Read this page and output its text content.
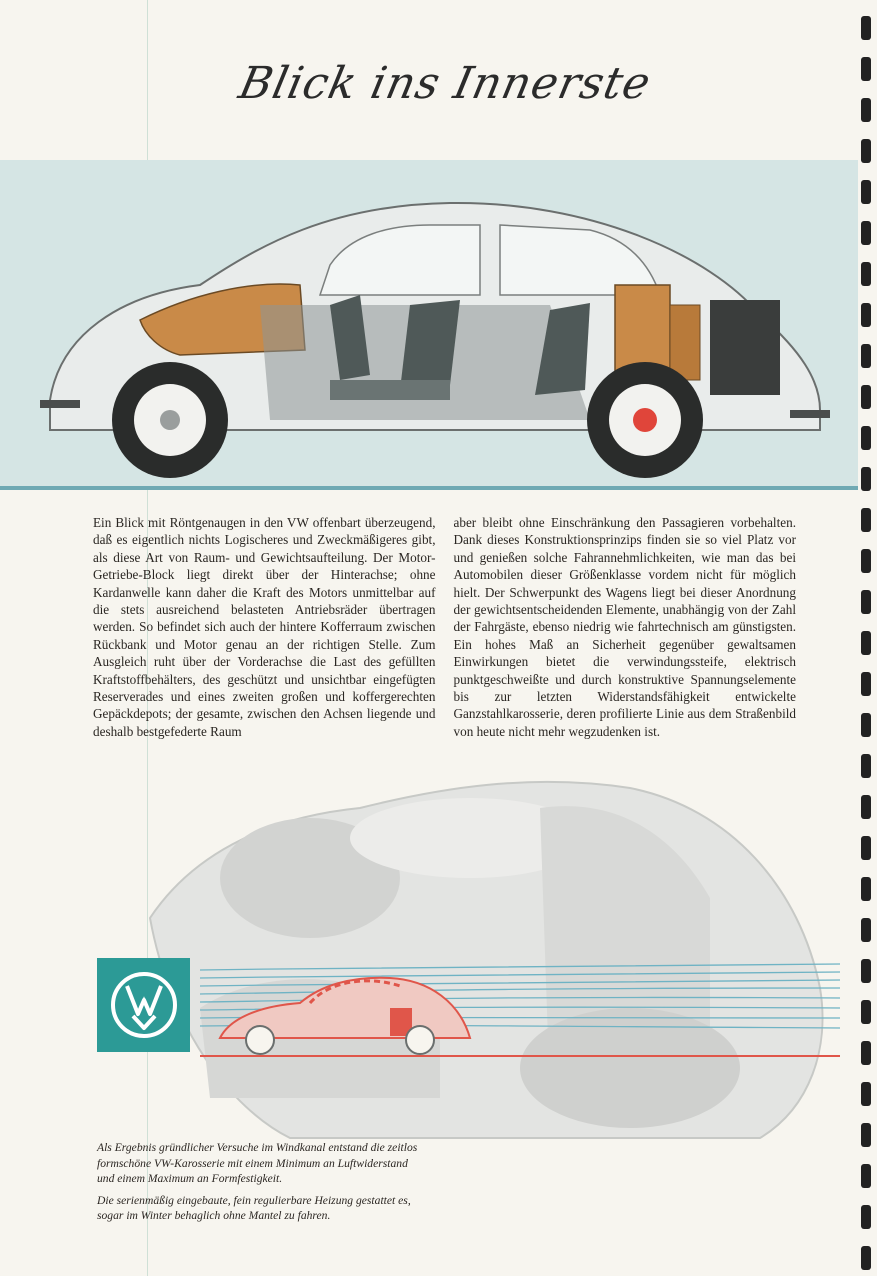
Blick ins Innerste
Ein Blick mit Röntgenaugen in den VW offenbart überzeugend, daß es eigentlich nichts Logischeres und Zweckmäßigeres gibt, als diese Art von Raum- und Gewichtsaufteilung. Der Motor-Getriebe-Block liegt direkt über der Hinterachse; ohne Kardanwelle kann daher die Kraft des Motors unmittelbar auf die stets ausreichend belasteten Antriebsräder übertragen werden. So befindet sich auch der hintere Kofferraum zwischen Rückbank und Motor genau an der richtigen Stelle. Zum Ausgleich ruht über der Vorderachse die Last des gefüllten Kraftstoffbehälters, des geschützt und unsichtbar eingefügten Reserverades und eines zweiten großen und koffergerechten Gepäckdepots; der gesamte, zwischen den Achsen liegende und deshalb bestgefederte Raum
aber bleibt ohne Einschränkung den Passagieren vorbehalten. Dank dieses Konstruktionsprinzips finden sie so viel Platz vor und genießen solche Fahrannehmlichkeiten, wie man das bei Automobilen dieser Größenklasse vordem nicht für möglich hielt. Der Schwerpunkt des Wagens liegt bei dieser Anordnung der gewichtsentscheidenden Elemente, unabhängig von der Zahl der Fahrgäste, ebenso niedrig wie fahrtechnisch am günstigsten. Ein hohes Maß an Sicherheit gegenüber gewaltsamen Einwirkungen bietet die verwindungssteife, elektrisch punktgeschweißte und durch konstruktive Spannungselemente bis zur letzten Widerstandsfähigkeit entwickelte Ganzstahlkarosserie, deren profilierte Linie aus dem Straßenbild von heute nicht mehr wegzudenken ist.

Als Ergebnis gründlicher Versuche im Windkanal entstand die zeitlos formschöne VW-Karosserie mit einem Minimum an Luftwiderstand und einem Maximum an Formfestigkeit.

Die serienmäßig eingebaute, fein regulierbare Heizung gestattet es, sogar im Winter behaglich ohne Mantel zu fahren.
